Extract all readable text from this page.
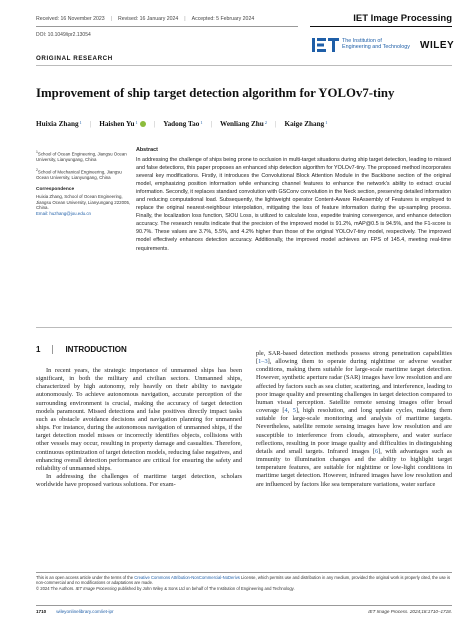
Received: 16 November 2023 | Revised: 16 January 2024 | Accepted: 5 February 2024	IET Image Processing
DOI: 10.1049/ipr2.13054
The Institution of
Engineering and Technology	WILEY
ORIGINAL RESEARCH
Improvement of ship target detection algorithm for YOLOv7-tiny
Huixia Zhang$^1$ | Haishen Yu$^1$ | Yadong Tao$^1$ | Wenliang Zhu$^2$ | Kaige Zhang$^1$
$^1$School of Ocean Engineering, Jiangsu Ocean University, Lianyungang, China
$^2$School of Mechanical Engineering, Jiangsu Ocean University, Lianyungang, China
Correspondence
Huixia Zhang, School of Ocean Engineering, Jiangsu Ocean University, Lianyungang 222005, China.
Email: huzhang@jou.edu.cn
Abstract
In addressing the challenge of ships being prone to occlusion in multi-target situations during ship target detection, leading to missed and false detections, this paper proposes an enhanced ship detection algorithm for YOLOv7-tiny. The proposed method incorporates several key modifications. Firstly, it introduces the Convolutional Block Attention Module in the Backbone section of the original model, emphasizing position information while enhancing channel features to enhance the network's ability to extract crucial information. Secondly, it replaces standard convolution with GSConv convolution in the Neck section, preserving detailed information and reducing computational load. Subsequently, the lightweight operator Content-Aware ReAssembly of Features is employed to replace the original nearest-neighbour interpolation, mitigating the loss of feature information during the up-sampling process. Finally, the localization loss function, SIOU Loss, is utilized to calculate loss, expedite training convergence, and enhance detection accuracy. The research results indicate that the precision of the improved model is 91.2%, mAP@0.5 is 94.5%, and the F1-score is 90.7%. These values are 3.7%, 5.5%, and 4.2% higher than those of the original YOLOv7-tiny model, respectively. The improved model effectively enhances detection accuracy. Additionally, the improved model achieves an FPS of 145.4, meeting real-time requirements.
1	INTRODUCTION

In recent years, the strategic importance of unmanned ships has been significant, in both the military and civilian sectors. Unmanned ships, characterized by high autonomy, rely heavily on their ability to navigate autonomously. To achieve autonomous navigation, accurate perception of the surrounding environment is crucial, making the accuracy of target detection models paramount. Missed detections and false positives directly impact tasks such as obstacle avoidance decisions and navigation planning for unmanned ships. For instance, during the autonomous navigation of unmanned ships, if the target detection model misses or incorrectly identifies objects, collisions with other vessels may occur, resulting in property damage and casualties. Therefore, continuous optimization of target detection models, reducing false negatives, and enhancing overall detection performance are critical for ensuring the safety and reliability of unmanned ships.

In addressing the challenges of maritime target detection, scholars worldwide have proposed various solutions. For exam-

ple, SAR-based detection methods possess strong penetration capabilities [1–3], allowing them to operate during nighttime or adverse weather conditions, making them suitable for large-scale maritime target detection. However, synthetic aperture radar (SAR) images have low resolution and are affected by factors such as sea clutter, scattering, and interference, leading to poor image quality and presenting challenges in target detection compared to human visual perception. Satellite remote sensing images offer broad coverage [4, 5], high resolution, and long update cycles, making them suitable for large-scale monitoring and analysis of maritime targets. Nevertheless, satellite remote sensing images have low resolution and are susceptible to interference from clouds, atmosphere, and water surface reflections, resulting in poor image quality and difficulties in distinguishing details and small targets. Infrared images [6], with advantages such as immunity to illumination changes and the ability to highlight target temperature features, are suitable for nighttime or low-light conditions in maritime target detection. However, infrared images have low resolution and are influenced by factors like sea temperature variations, water surface

This is an open access article under the terms of the Creative Commons Attribution-NonCommercial-NoDerivs License, which permits use and distribution in any medium, provided the original work is properly cited, the use is non-commercial and no modifications or adaptations are made.
© 2024 The Authors. IET Image Processing published by John Wiley & Sons Ltd on behalf of The Institution of Engineering and Technology.
1710 wileyonlinelibrary.com/iet-ipr	IET Image Process. 2024;18:1710–1718.
